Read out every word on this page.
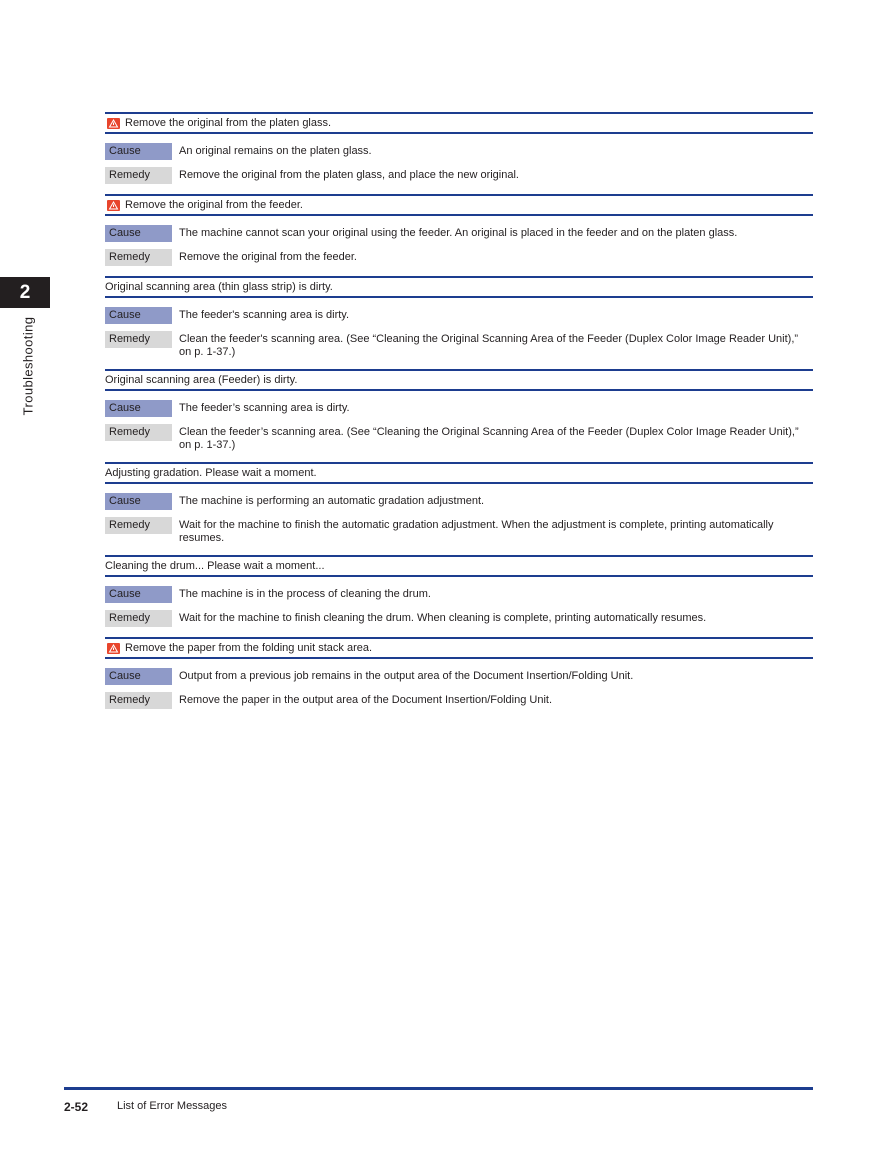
2
Troubleshooting
Remove the original from the platen glass.
Cause	An original remains on the platen glass.
Remedy	Remove the original from the platen glass, and place the new original.
Remove the original from the feeder.
Cause	The machine cannot scan your original using the feeder. An original is placed in the feeder and on the platen glass.
Remedy	Remove the original from the feeder.
Original scanning area (thin glass strip) is dirty.
Cause	The feeder's scanning area is dirty.
Remedy	Clean the feeder's scanning area. (See “Cleaning the Original Scanning Area of the Feeder (Duplex Color Image Reader Unit),” on p. 1-37.)
Original scanning area (Feeder) is dirty.
Cause	The feeder’s scanning area is dirty.
Remedy	Clean the feeder’s scanning area. (See “Cleaning the Original Scanning Area of the Feeder (Duplex Color Image Reader Unit),” on p. 1-37.)
Adjusting gradation. Please wait a moment.
Cause	The machine is performing an automatic gradation adjustment.
Remedy	Wait for the machine to finish the automatic gradation adjustment. When the adjustment is complete, printing automatically resumes.
Cleaning the drum... Please wait a moment...
Cause	The machine is in the process of cleaning the drum.
Remedy	Wait for the machine to finish cleaning the drum. When cleaning is complete, printing automatically resumes.
Remove the paper from the folding unit stack area.
Cause	Output from a previous job remains in the output area of the Document Insertion/Folding Unit.
Remedy	Remove the paper in the output area of the Document Insertion/Folding Unit.
2-52	List of Error Messages
